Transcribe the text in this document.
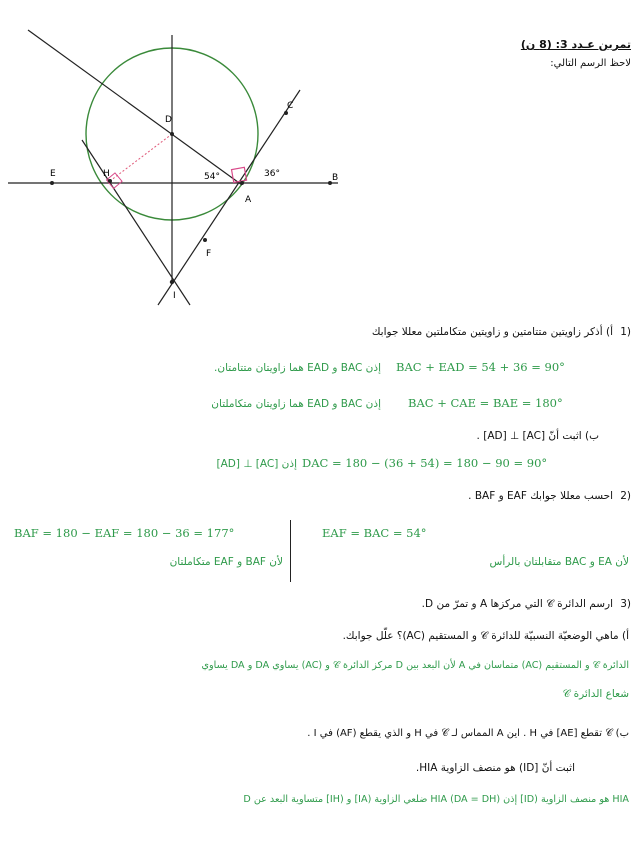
تمرين عـدد 3: (8 ن)
لاحظ الرسم التالي:
C
D
E	H	54°	36°	B
A
F
I
1)
أ) أذكر زاويتين متتامتين و زاويتين متكاملتين معللا جوابك
BAC + EAD = 54 + 36 = 90°
إذن BAC و EAD هما زاويتان متتامتان.
BAC + CAE = BAE = 180°
إذن BAC و EAD هما زاويتان متكاملتان
ب) اثبت أنّ [AC] ⊥ [AD] .
DAC = 180 − (36 + 54) = 180 − 90 = 90°
إذن [AC] ⊥ [AD]
2)
احسب معللا جوابك EAF و BAF .
EAF = BAC = 54°
BAF = 180 − EAF = 180 − 36 = 177°
لأن EA و BAC متقابلتان بالرأس
لأن BAF و EAF متكاملتان
3)
ارسم الدائرة 𝒞 التي مركزها A و تمرّ من D.
أ) ماهي الوضعيّة النسبيّة للدائرة 𝒞 و المستقيم (AC)؟ علّل جوابك.
الدائرة 𝒞 و المستقيم (AC) متماسان في A لأن البعد بين D مركز الدائرة 𝒞 و (AC) يساوي DA و DA يساوي
شعاع الدائرة 𝒞
ب) 𝒞 تقطع [AE] في H . اين A المماس لـ 𝒞 في H و الذي يقطع (AF) في I .
اثبت أنّ [ID) هو منصف الزاوية HIA.
D متساوية البعد عن [IH) و [IA) ضلعي الزاوية HIA (DA = DH) إذن [ID) هو منصف الزاوية HIA
